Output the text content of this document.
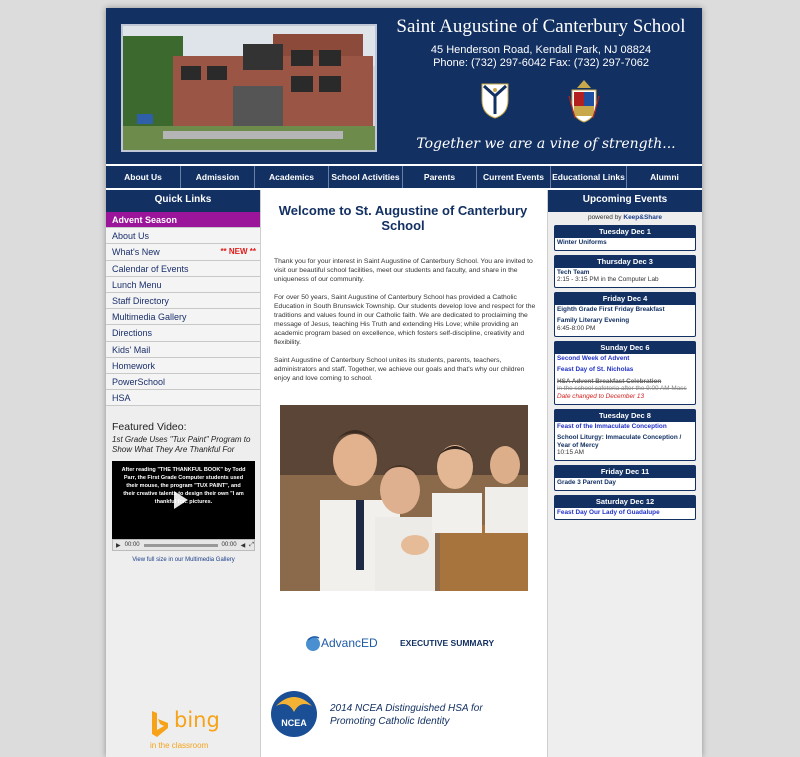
Saint Augustine of Canterbury School
45 Henderson Road, Kendall Park, NJ 08824
Phone: (732) 297-6042 Fax: (732) 297-7062
Together we are a vine of strength...
About Us	Admission	Academics	School Activities	Parents	Current Events Educational Links	Alumni
Quick Links
Advent Season
About Us
What's New	** NEW **
Calendar of Events
Lunch Menu
Staff Directory
Multimedia Gallery
Directions
Kids' Mail
Homework
PowerSchool
HSA
Featured Video:
1st Grade Uses "Tux Paint" Program to Show What They Are Thankful For
After reading "THE THANKFUL BOOK" by Todd Parr, the First Grade Computer students used their mouse, the program "TUX PAINT", and their creative talents to design their own "I am thankful for.. pictures.
▶ 00:00	00:00 ◀ ⤢
View full size in our Multimedia Gallery
bing
in the classroom
Welcome to St. Augustine of Canterbury School

Thank you for your interest in Saint Augustine of Canterbury School. You are invited to visit our beautiful school facilities, meet our students and faculty, and share in the uniqueness of our community.

For over 50 years, Saint Augustine of Canterbury School has provided a Catholic Education in South Brunswick Township. Our students develop love and respect for the traditions and values found in our Catholic faith. We are dedicated to proclaiming the message of Jesus, teaching His Truth and extending His Love; while providing an academic program based on excellence, which fosters self-discipline, creativity and flexibility.

Saint Augustine of Canterbury School unites its students, parents, teachers, administrators and staff. Together, we achieve our goals and that's why our children enjoy and love coming to school.

AdvancED	EXECUTIVE SUMMARY
NCEA
2014 NCEA Distinguished HSA for Promoting Catholic Identity
Upcoming Events
powered by Keep&Share
Tuesday Dec 1
Winter Uniforms
Thursday Dec 3
Tech Team
2:15 - 3:15 PM in the Computer Lab
Friday Dec 4
Eighth Grade First Friday Breakfast
Family Literary Evening
6:45-8:00 PM
Sunday Dec 6
Second Week of Advent
Feast Day of St. Nicholas
HSA Advent Breakfast Celebration
in the school cafeteria after the 9:00 AM Mass
Date changed to December 13
Tuesday Dec 8
Feast of the Immaculate Conception
School Liturgy: Immaculate Conception / Year of Mercy
10:15 AM
Friday Dec 11
Grade 3 Parent Day
Saturday Dec 12
Feast Day Our Lady of Guadalupe
